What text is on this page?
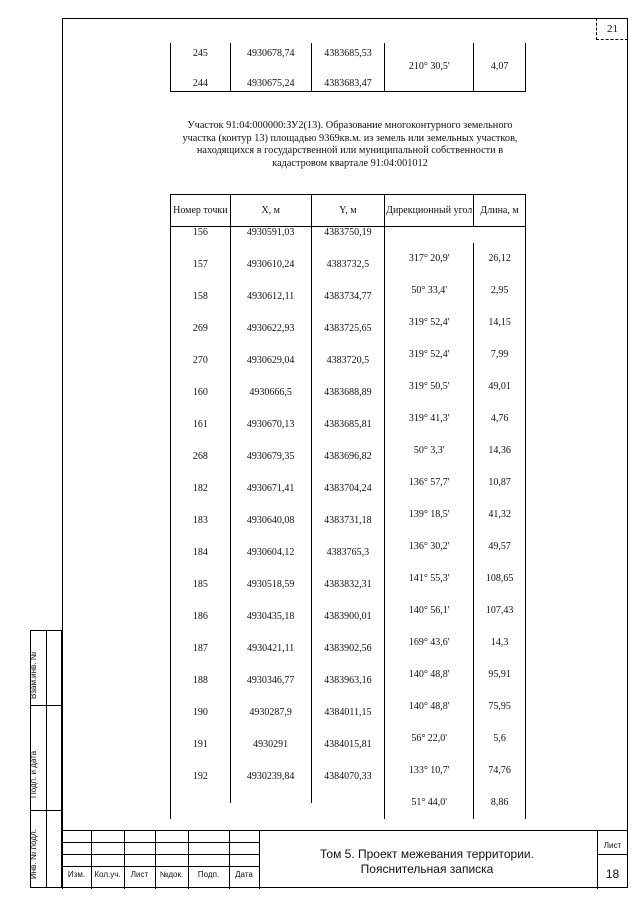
21
Взам.инв. №
Подп. и дата
Инв. № подл.
245	4930678,74	4383685,53	210° 30,5'	4,07
244	4930675,24	4383683,47		
Участок 91:04:000000:ЗУ2(13). Образование многоконтурного земельного участка (контур 13) площадью 9369кв.м. из земель или земельных участков, находящихся в государственной или муниципальной собственности в кадастровом квартале 91:04:001012
Номер точки	X, м	Y, м	Дирекционный угол	Длина, м
156	4930591,03	4383750,19		
			317° 20,9'	26,12
157	4930610,24	4383732,5		
			50° 33,4'	2,95
158	4930612,11	4383734,77		
			319° 52,4'	14,15
269	4930622,93	4383725,65		
			319° 52,4'	7,99
270	4930629,04	4383720,5		
			319° 50,5'	49,01
160	4930666,5	4383688,89		
			319° 41,3'	4,76
161	4930670,13	4383685,81		
			50° 3,3'	14,36
268	4930679,35	4383696,82		
			136° 57,7'	10,87
182	4930671,41	4383704,24		
			139° 18,5'	41,32
183	4930640,08	4383731,18		
			136° 30,2'	49,57
184	4930604,12	4383765,3		
			141° 55,3'	108,65
185	4930518,59	4383832,31		
			140° 56,1'	107,43
186	4930435,18	4383900,01		
			169° 43,6'	14,3
187	4930421,11	4383902,56		
			140° 48,8'	95,91
188	4930346,77	4383963,16		
			140° 48,8'	75,95
190	4930287,9	4384011,15		
			56° 22,0'	5,6
191	4930291	4384015,81		
			133° 10,7'	74,76
192	4930239,84	4384070,33		
			51° 44,0'	8,86

Изм.	Кол.уч.	Лист	№док.	Подп.	Дата
Том 5. Проект межевания территории.
Пояснительная записка
Лист
18
